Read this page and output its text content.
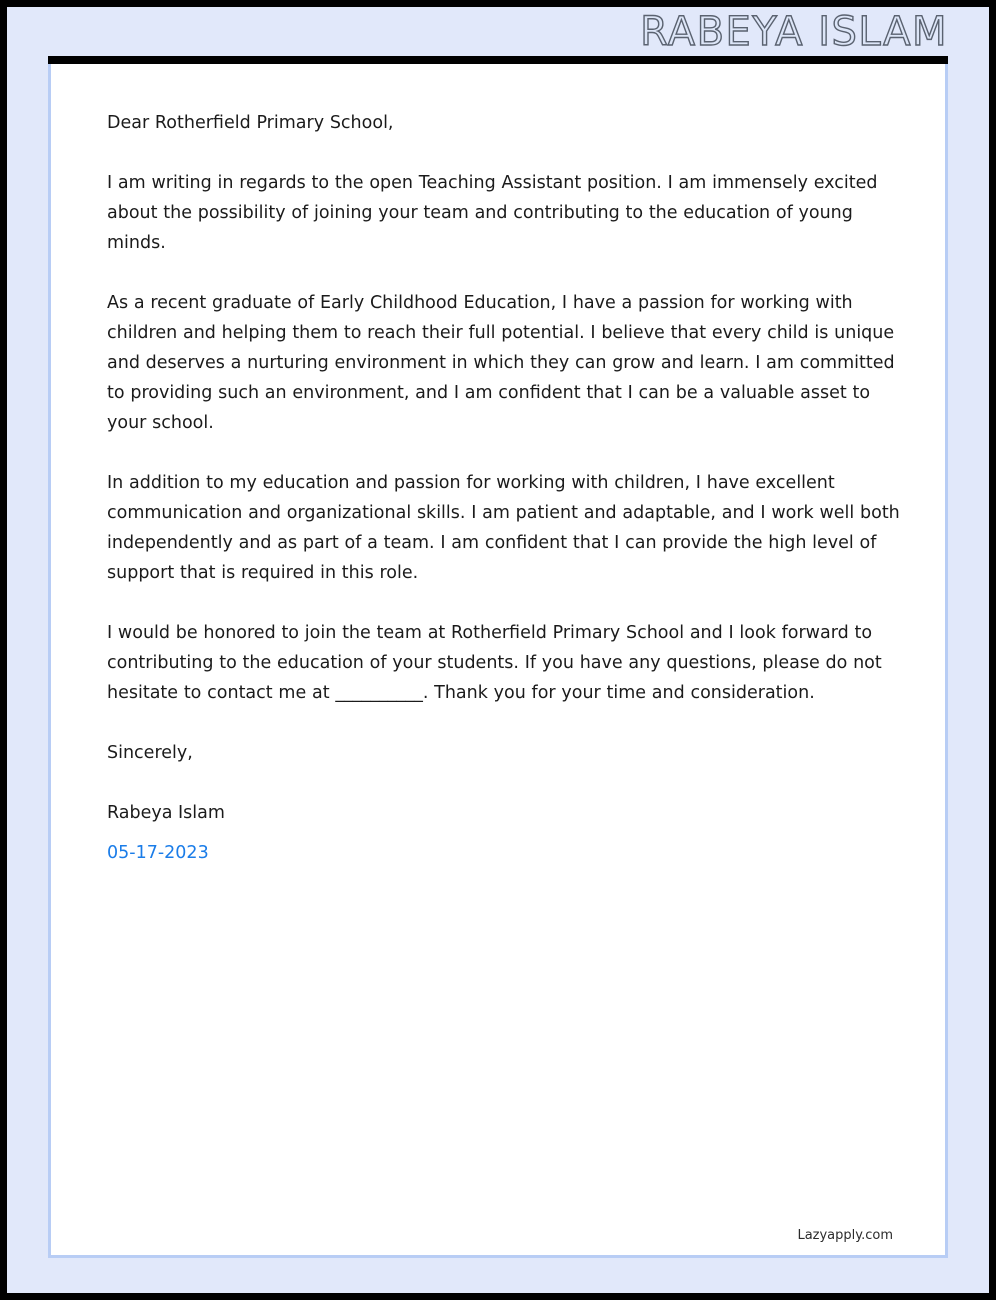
RABEYA ISLAM
Dear Rotherfield Primary School,
I am writing in regards to the open Teaching Assistant position. I am immensely excited about the possibility of joining your team and contributing to the education of young minds.
As a recent graduate of Early Childhood Education, I have a passion for working with children and helping them to reach their full potential. I believe that every child is unique and deserves a nurturing environment in which they can grow and learn. I am committed to providing such an environment, and I am confident that I can be a valuable asset to your school.
In addition to my education and passion for working with children, I have excellent communication and organizational skills. I am patient and adaptable, and I work well both independently and as part of a team. I am confident that I can provide the high level of support that is required in this role.
I would be honored to join the team at Rotherfield Primary School and I look forward to contributing to the education of your students. If you have any questions, please do not hesitate to contact me at __________. Thank you for your time and consideration.
Sincerely,
Rabeya Islam
05-17-2023
Lazyapply.com
